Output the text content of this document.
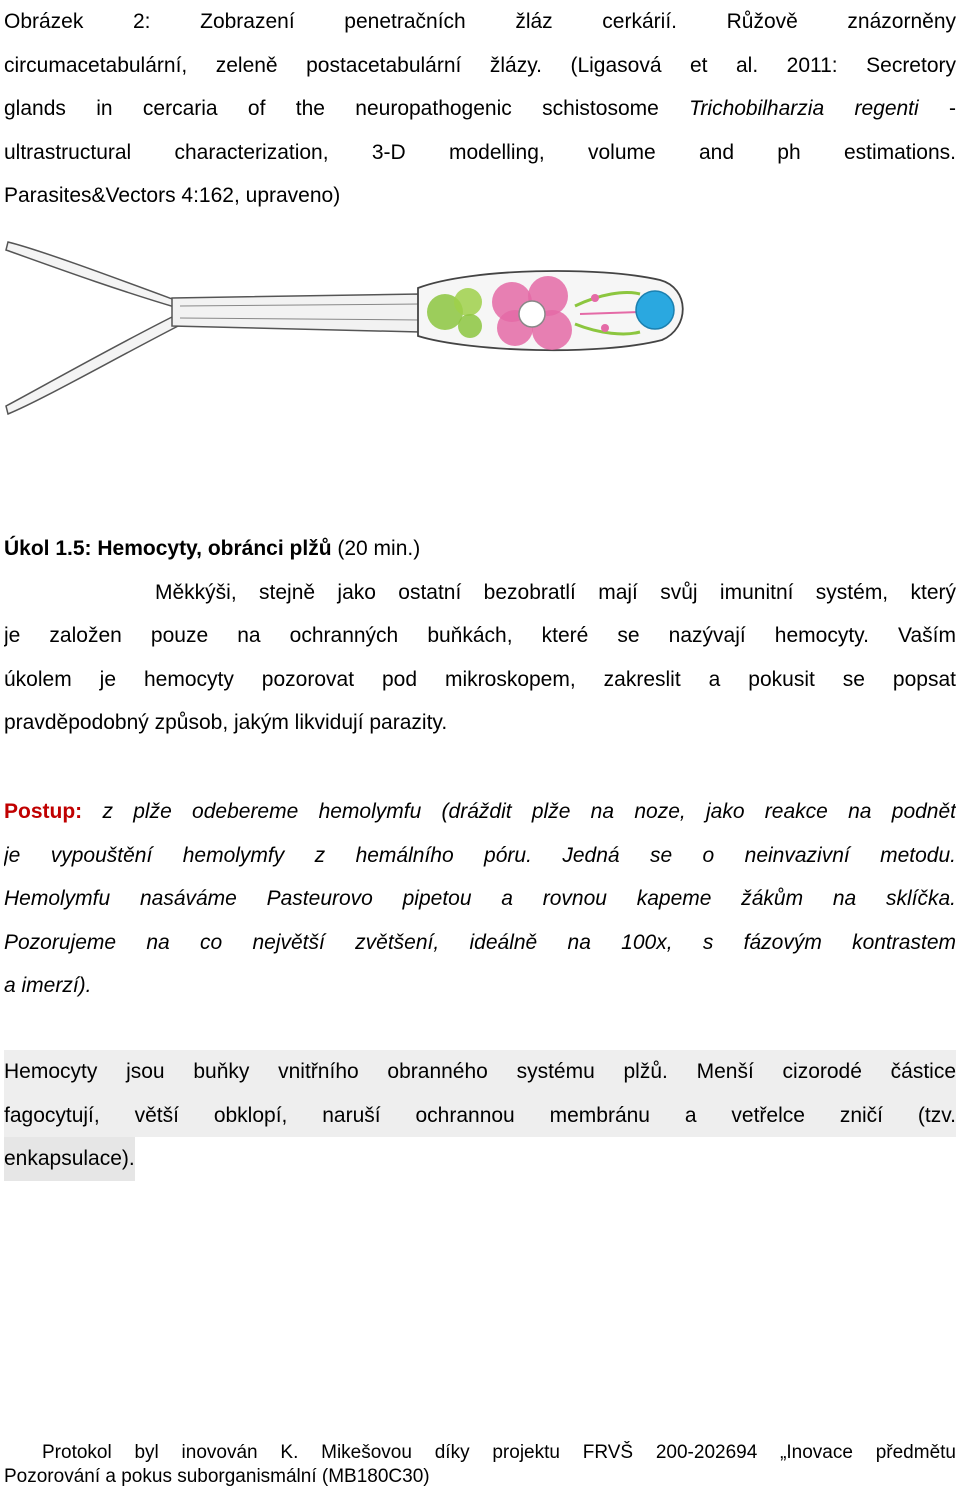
Obrázek 2: Zobrazení penetračních žláz cerkárií. Růžově znázorněny
circumacetabulární, zeleně postacetabulární žlázy. (Ligasová et al. 2011: Secretory
glands in cercaria of the neuropathogenic schistosome Trichobilharzia regenti -
ultrastructural characterization, 3-D modelling, volume and ph estimations.
Parasites&Vectors 4:162, upraveno)
Úkol 1.5: Hemocyty, obránci plžů (20 min.)
Měkkýši, stejně jako ostatní bezobratlí mají svůj imunitní systém, který
je založen pouze na ochranných buňkách, které se nazývají hemocyty. Vaším
úkolem je hemocyty pozorovat pod mikroskopem, zakreslit a pokusit se popsat
pravděpodobný způsob, jakým likvidují parazity.
Postup: z plže odebereme hemolymfu (dráždit plže na noze, jako reakce na podnět
je vypouštění hemolymfy z hemálního póru. Jedná se o neinvazivní metodu.
Hemolymfu nasáváme Pasteurovo pipetou a rovnou kapeme žákům na sklíčka.
Pozorujeme na co největší zvětšení, ideálně na 100x, s fázovým kontrastem
a imerzí).
Hemocyty jsou buňky vnitřního obranného systému plžů. Menší cizorodé částice
fagocytují, větší obklopí, naruší ochrannou membránu a vetřelce zničí (tzv.
enkapsulace).
Protokol byl inovován K. Mikešovou díky projektu FRVŠ 200-202694 „Inovace předmětu
Pozorování a pokus suborganismální (MB180C30)
